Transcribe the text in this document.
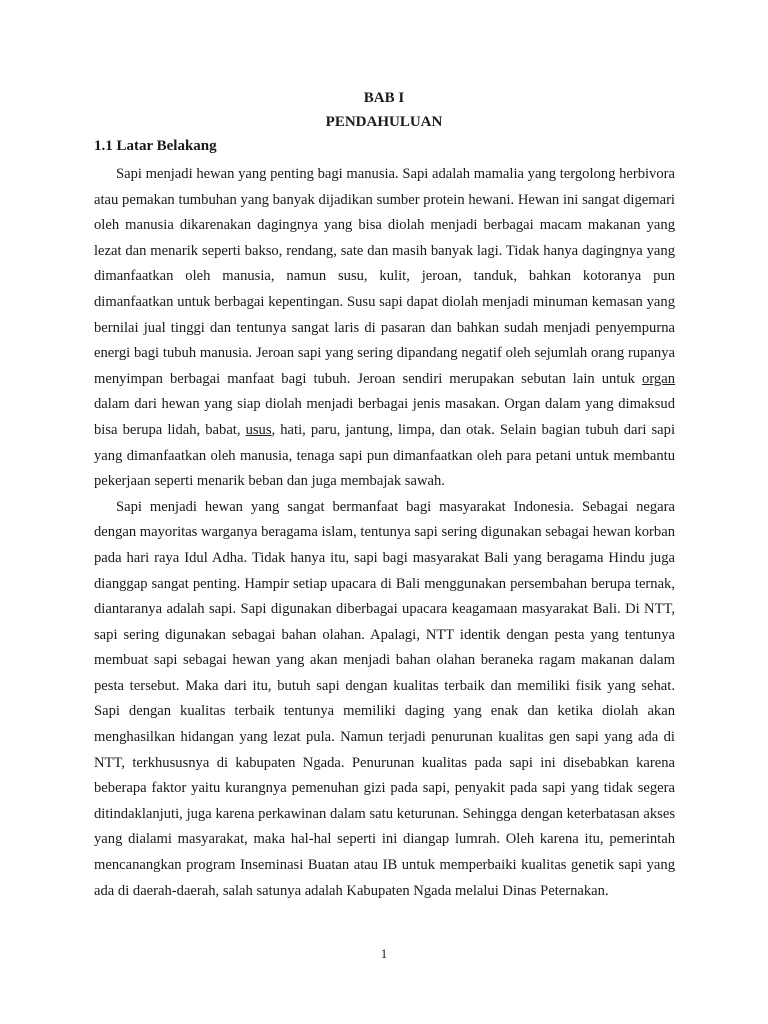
BAB I
PENDAHULUAN
1.1 Latar Belakang

Sapi menjadi hewan yang penting bagi manusia. Sapi adalah mamalia yang tergolong herbivora atau pemakan tumbuhan yang banyak dijadikan sumber protein hewani. Hewan ini sangat digemari oleh manusia dikarenakan dagingnya yang bisa diolah menjadi berbagai macam makanan yang lezat dan menarik seperti bakso, rendang, sate dan masih banyak lagi. Tidak hanya dagingnya yang dimanfaatkan oleh manusia, namun susu, kulit, jeroan, tanduk, bahkan kotoranya pun dimanfaatkan untuk berbagai kepentingan. Susu sapi dapat diolah menjadi minuman kemasan yang bernilai jual tinggi dan tentunya sangat laris di pasaran dan bahkan sudah menjadi penyempurna energi bagi tubuh manusia. Jeroan sapi yang sering dipandang negatif oleh sejumlah orang rupanya menyimpan berbagai manfaat bagi tubuh. Jeroan sendiri merupakan sebutan lain untuk organ dalam dari hewan yang siap diolah menjadi berbagai jenis masakan. Organ dalam yang dimaksud bisa berupa lidah, babat, usus, hati, paru, jantung, limpa, dan otak. Selain bagian tubuh dari sapi yang dimanfaatkan oleh manusia, tenaga sapi pun dimanfaatkan oleh para petani untuk membantu pekerjaan seperti menarik beban dan juga membajak sawah.

Sapi menjadi hewan yang sangat bermanfaat bagi masyarakat Indonesia. Sebagai negara dengan mayoritas warganya beragama islam, tentunya sapi sering digunakan sebagai hewan korban pada hari raya Idul Adha. Tidak hanya itu, sapi bagi masyarakat Bali yang beragama Hindu juga dianggap sangat penting. Hampir setiap upacara di Bali menggunakan persembahan berupa ternak, diantaranya adalah sapi. Sapi digunakan diberbagai upacara keagamaan masyarakat Bali. Di NTT, sapi sering digunakan sebagai bahan olahan. Apalagi, NTT identik dengan pesta yang tentunya membuat sapi sebagai hewan yang akan menjadi bahan olahan beraneka ragam makanan dalam pesta tersebut. Maka dari itu, butuh sapi dengan kualitas terbaik dan memiliki fisik yang sehat. Sapi dengan kualitas terbaik tentunya memiliki daging yang enak dan ketika diolah akan menghasilkan hidangan yang lezat pula. Namun terjadi penurunan kualitas gen sapi yang ada di NTT, terkhususnya di kabupaten Ngada. Penurunan kualitas pada sapi ini disebabkan karena beberapa faktor yaitu kurangnya pemenuhan gizi pada sapi, penyakit pada sapi yang tidak segera ditindaklanjuti, juga karena perkawinan dalam satu keturunan. Sehingga dengan keterbatasan akses yang dialami masyarakat, maka hal-hal seperti ini diangap lumrah. Oleh karena itu, pemerintah mencanangkan program Inseminasi Buatan atau IB untuk memperbaiki kualitas genetik sapi yang ada di daerah-daerah, salah satunya adalah Kabupaten Ngada melalui Dinas Peternakan.

1
